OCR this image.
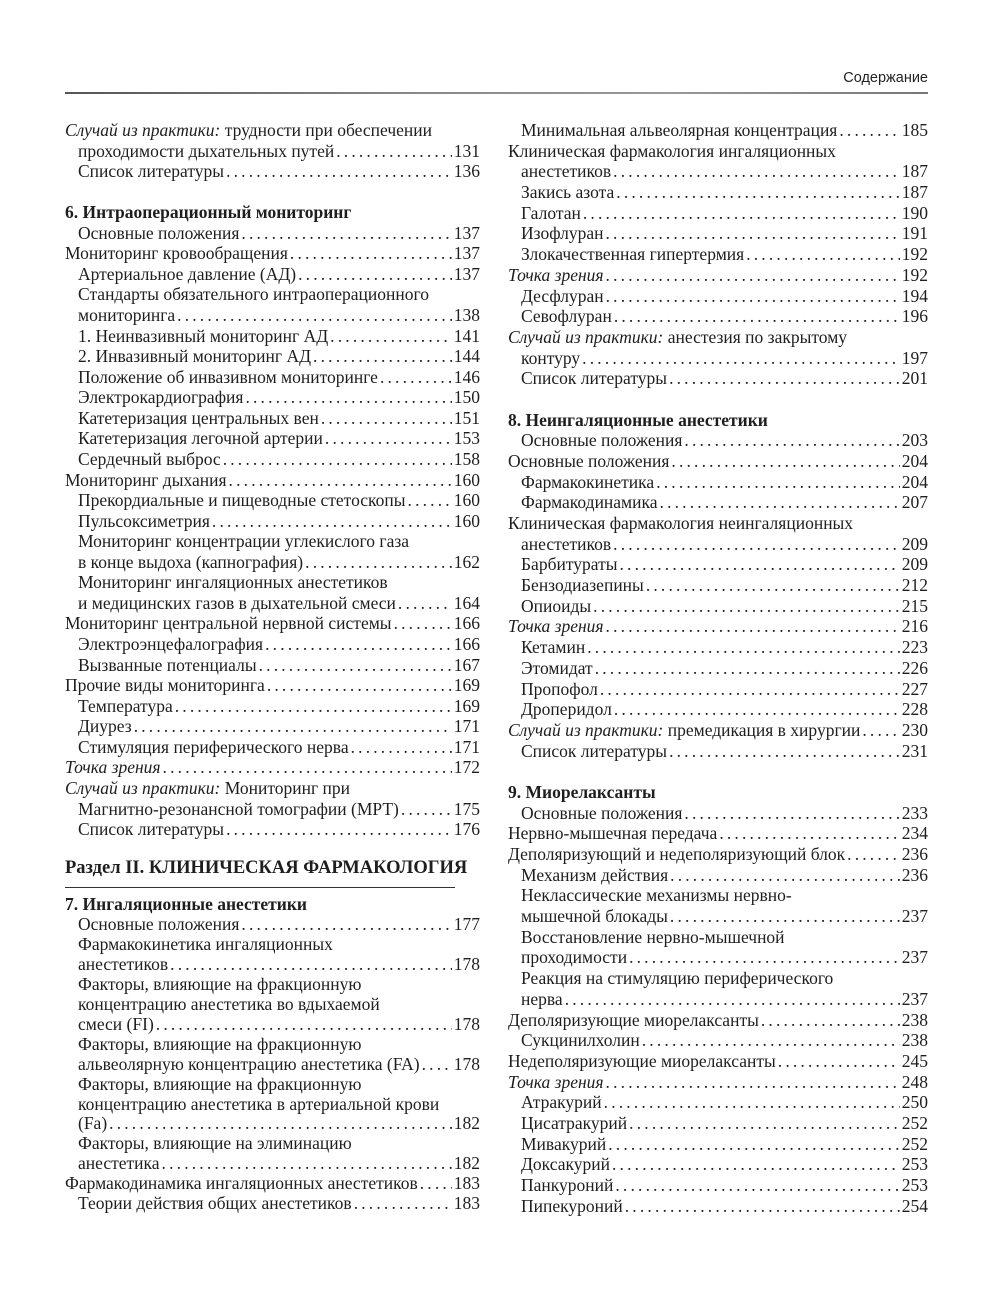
Содержание
Случай из практики: трудности при обеспечении
проходимости дыхательных путей . . .	131
Список литературы . . .	136
6. Интраоперационный мониторинг
Основные положения . . .	137
Мониторинг кровообращения . . .	137
Артериальное давление (АД) . . .	137
Стандарты обязательного интраоперационного
мониторинга . . .	138
1. Неинвазивный мониторинг АД . . .	141
2. Инвазивный мониторинг АД . . .	144
Положение об инвазивном мониторинге . . .	146
Электрокардиография . . .	150
Катетеризация центральных вен . . .	151
Катетеризация легочной артерии . . .	153
Сердечный выброс . . .	158
Мониторинг дыхания . . .	160
Прекордиальные и пищеводные стетоскопы . . .	160
Пульсоксиметрия . . .	160
Мониторинг концентрации углекислого газа
в конце выдоха (капнография) . . .	162
Мониторинг ингаляционных анестетиков
и медицинских газов в дыхательной смеси . . .	164
Мониторинг центральной нервной системы . . .	166
Электроэнцефалография . . .	166
Вызванные потенциалы . . .	167
Прочие виды мониторинга . . .	169
Температура . . .	169
Диурез . . .	171
Стимуляция периферического нерва . . .	171
Точка зрения . . .	172
Случай из практики: Мониторинг при
Магнитно-резонансной томографии (МРТ) . . .	175
Список литературы . . .	176
Раздел II. КЛИНИЧЕСКАЯ ФАРМАКОЛОГИЯ
7. Ингаляционные анестетики
Основные положения . . .	177
Фармакокинетика ингаляционных
анестетиков . . .	178
Факторы, влияющие на фракционную
концентрацию анестетика во вдыхаемой
смеси (FI) . . .	178
Факторы, влияющие на фракционную
альвеолярную концентрацию анестетика (FA) . . . 178
Факторы, влияющие на фракционную
концентрацию анестетика в артериальной крови
(Fa) . . .	182
Факторы, влияющие на элиминацию
анестетика . . .	182
Фармакодинамика ингаляционных анестетиков . . . 183
Теории действия общих анестетиков . . .	183
Минимальная альвеолярная концентрация . . .	185
Клиническая фармакология ингаляционных
анестетиков . . .	187
Закись азота . . .	187
Галотан . . .	190
Изофлуран . . .	191
Злокачественная гипертермия . . .	192
Точка зрения . . .	192
Десфлуран . . .	194
Севофлуран . . .	196
Случай из практики: анестезия по закрытому
контуру . . .	197
Список литературы . . .	201
8. Неингаляционные анестетики
Основные положения . . .	203
Основные положения . . .	204
Фармакокинетика . . .	204
Фармакодинамика . . .	207
Клиническая фармакология неингаляционных
анестетиков . . .	209
Барбитураты . . .	209
Бензодиазепины . . .	212
Опиоиды . . .	215
Точка зрения . . .	216
Кетамин . . .	223
Этомидат . . .	226
Пропофол . . .	227
Дроперидол . . .	228
Случай из практики: премедикация в хирургии . . . 230
Список литературы . . .	231
9. Миорелаксанты
Основные положения . . .	233
Нервно-мышечная передача . . .	234
Деполяризующий и недеполяризующий блок . . .	236
Механизм действия . . .	236
Неклассические механизмы нервно-
мышечной блокады . . .	237
Восстановление нервно-мышечной
проходимости . . .	237
Реакция на стимуляцию периферического
нерва . . .	237
Деполяризующие миорелаксанты . . .	238
Сукцинилхолин . . .	238
Недеполяризующие миорелаксанты . . .	245
Точка зрения . . .	248
Атракурий . . .	250
Цисатракурий . . .	252
Мивакурий . . .	252
Доксакурий . . .	253
Панкуроний . . .	253
Пипекуроний . . .	254
